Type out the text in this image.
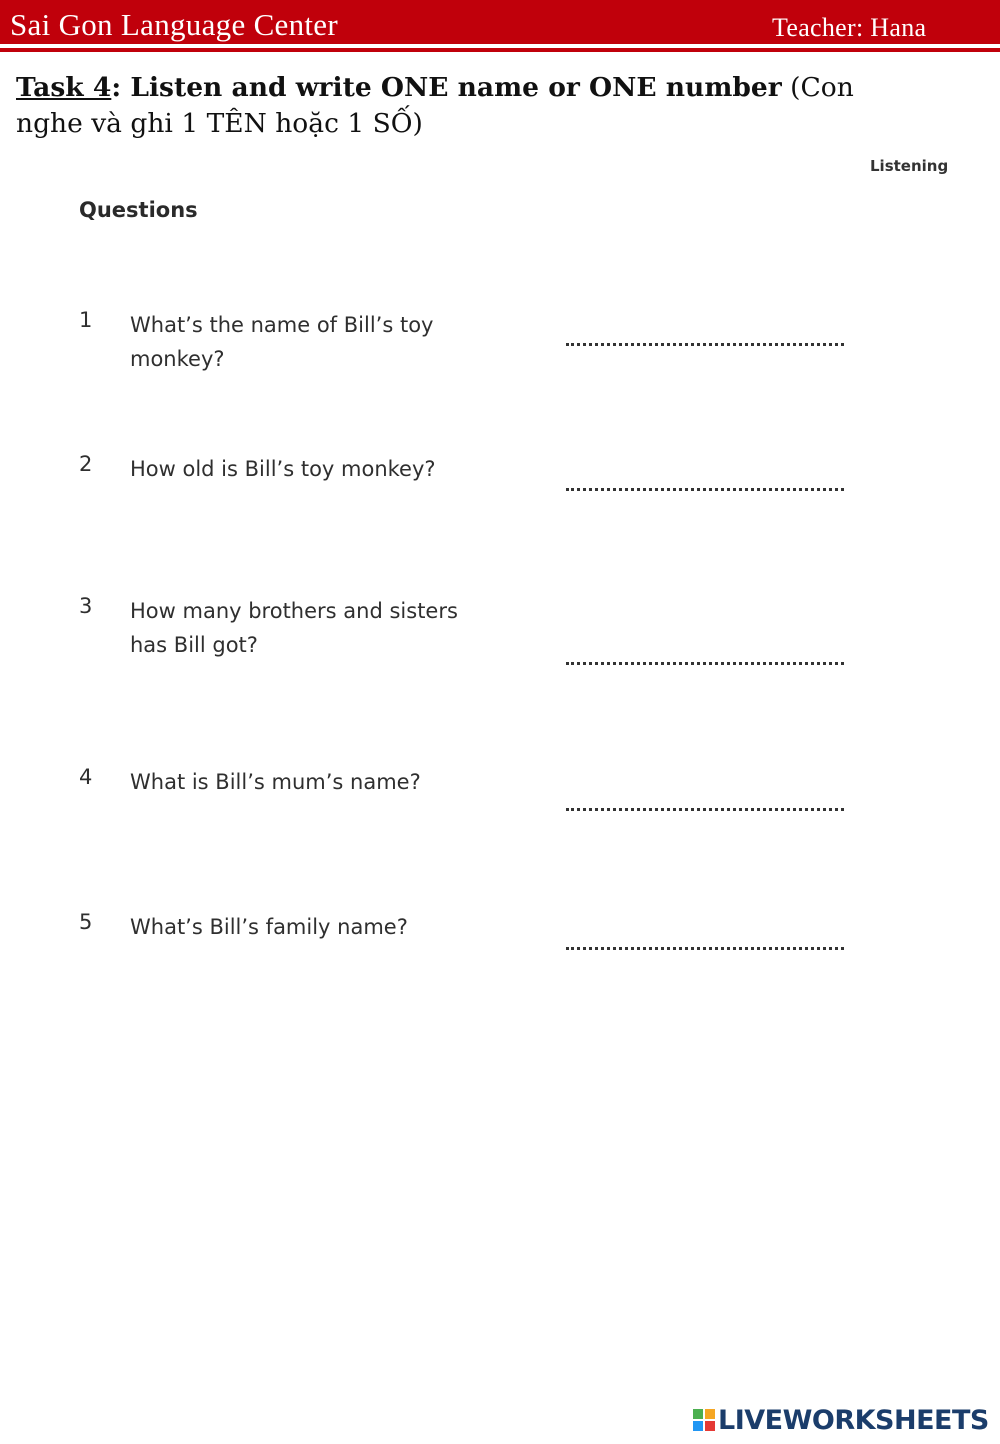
Sai Gon Language Center	Teacher: Hana
Task 4: Listen and write ONE name or ONE number (Con nghe và ghi 1 TÊN hoặc 1 SỐ)
Listening
Questions
1 What’s the name of Bill’s toy monkey?
2 How old is Bill’s toy monkey?
3 How many brothers and sisters has Bill got?
4 What is Bill’s mum’s name?
5 What’s Bill’s family name?
LIVEWORKSHEETS
